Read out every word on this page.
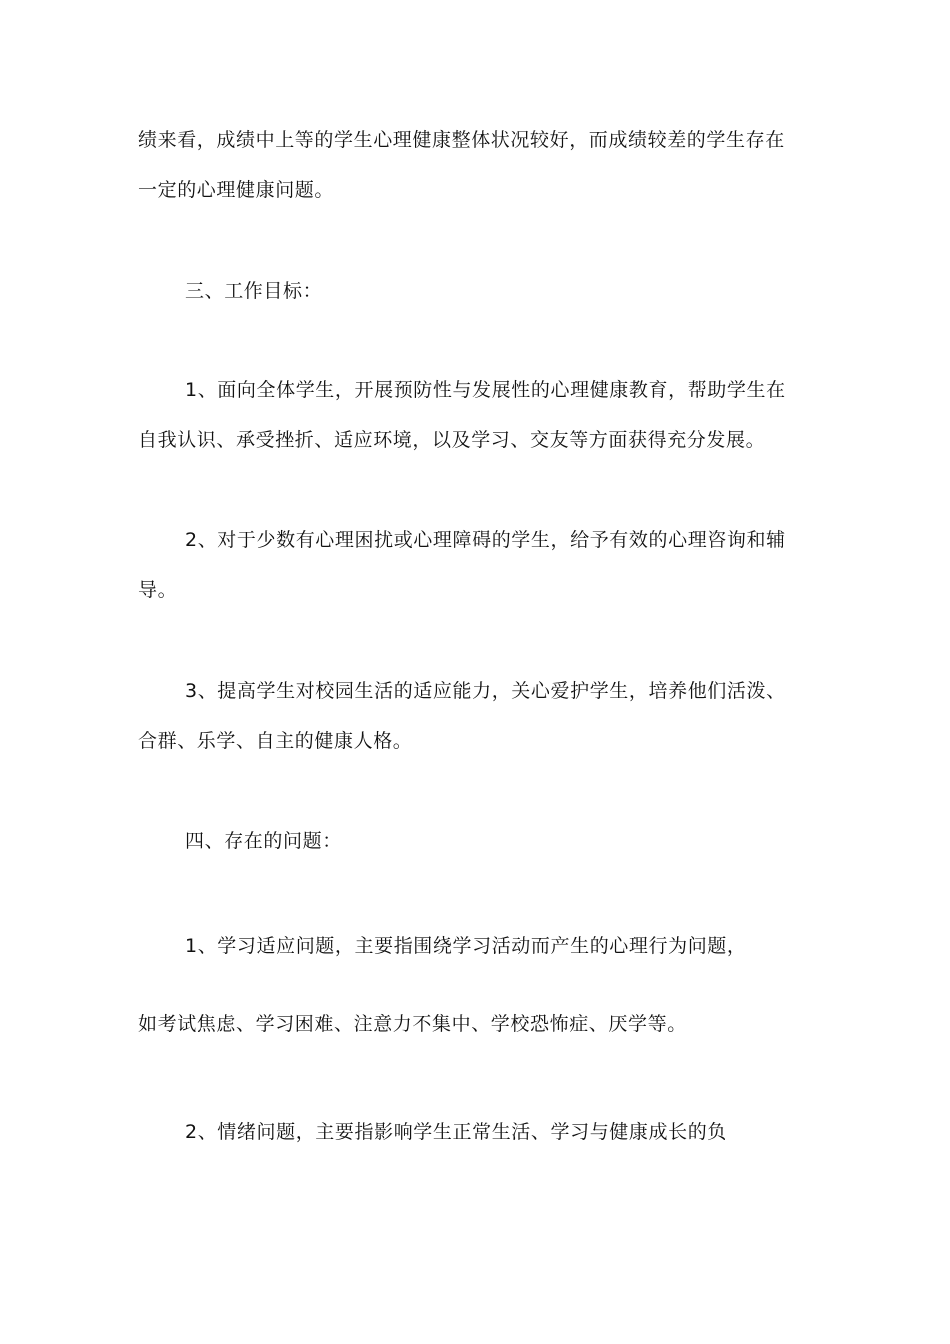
绩来看，成绩中上等的学生心理健康整体状况较好，而成绩较差的学生存在
一定的心理健康问题。
三、工作目标：
1、面向全体学生，开展预防性与发展性的心理健康教育，帮助学生在
自我认识、承受挫折、适应环境，以及学习、交友等方面获得充分发展。
2、对于少数有心理困扰或心理障碍的学生，给予有效的心理咨询和辅
导。
3、提高学生对校园生活的适应能力，关心爱护学生，培养他们活泼、
合群、乐学、自主的健康人格。
四、存在的问题：
1、学习适应问题，主要指围绕学习活动而产生的心理行为问题，
如考试焦虑、学习困难、注意力不集中、学校恐怖症、厌学等。
2、情绪问题，主要指影响学生正常生活、学习与健康成长的负
